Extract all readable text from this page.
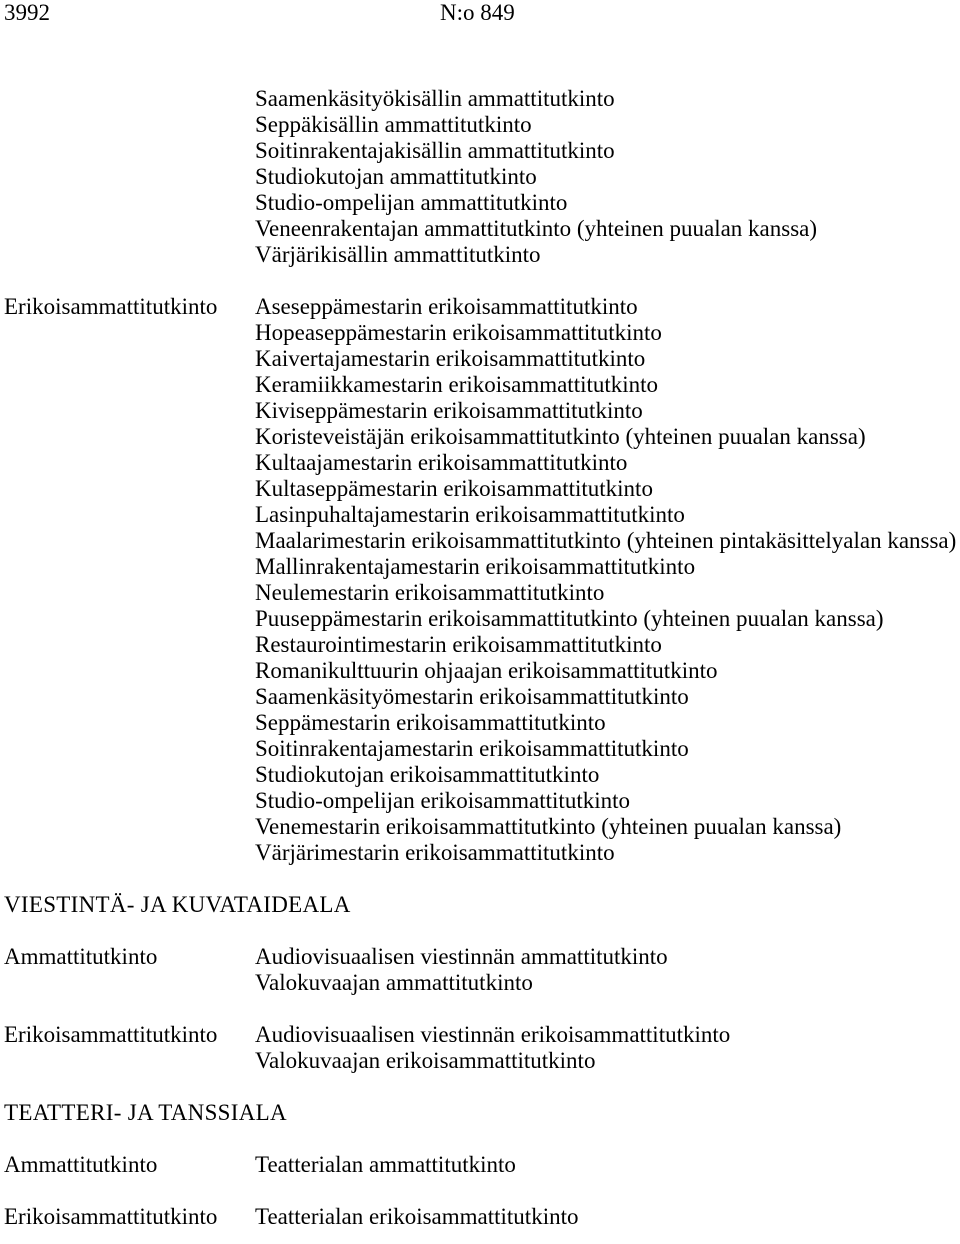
3992	N:o 849
Saamenkäsityökisällin ammattitutkinto
Seppäkisällin ammattitutkinto
Soitinrakentajakisällin ammattitutkinto
Studiokutojan ammattitutkinto
Studio-ompelijan ammattitutkinto
Veneenrakentajan ammattitutkinto (yhteinen puualan kanssa)
Värjärikisällin ammattitutkinto
Erikoisammattitutkinto	Aseseppämestarin erikoisammattitutkinto
Hopeaseppämestarin erikoisammattitutkinto
Kaivertajamestarin erikoisammattitutkinto
Keramiikkamestarin erikoisammattitutkinto
Kiviseppämestarin erikoisammattitutkinto
Koristeveistäjän erikoisammattitutkinto (yhteinen puualan kanssa)
Kultaajamestarin erikoisammattitutkinto
Kultaseppämestarin erikoisammattitutkinto
Lasinpuhaltajamestarin erikoisammattitutkinto
Maalarimestarin erikoisammattitutkinto (yhteinen pintakäsittelyalan kanssa)
Mallinrakentajamestarin erikoisammattitutkinto
Neulemestarin erikoisammattitutkinto
Puuseppämestarin erikoisammattitutkinto (yhteinen puualan kanssa)
Restaurointimestarin erikoisammattitutkinto
Romanikulttuurin ohjaajan erikoisammattitutkinto
Saamenkäsityömestarin erikoisammattitutkinto
Seppämestarin erikoisammattitutkinto
Soitinrakentajamestarin erikoisammattitutkinto
Studiokutojan erikoisammattitutkinto
Studio-ompelijan erikoisammattitutkinto
Venemestarin erikoisammattitutkinto (yhteinen puualan kanssa)
Värjärimestarin erikoisammattitutkinto
VIESTINTÄ- JA KUVATAIDEALA
Ammattitutkinto	Audiovisuaalisen viestinnän ammattitutkinto
Valokuvaajan ammattitutkinto
Erikoisammattitutkinto	Audiovisuaalisen viestinnän erikoisammattitutkinto
Valokuvaajan erikoisammattitutkinto
TEATTERI- JA TANSSIALA
Ammattitutkinto	Teatterialan ammattitutkinto
Erikoisammattitutkinto	Teatterialan erikoisammattitutkinto
